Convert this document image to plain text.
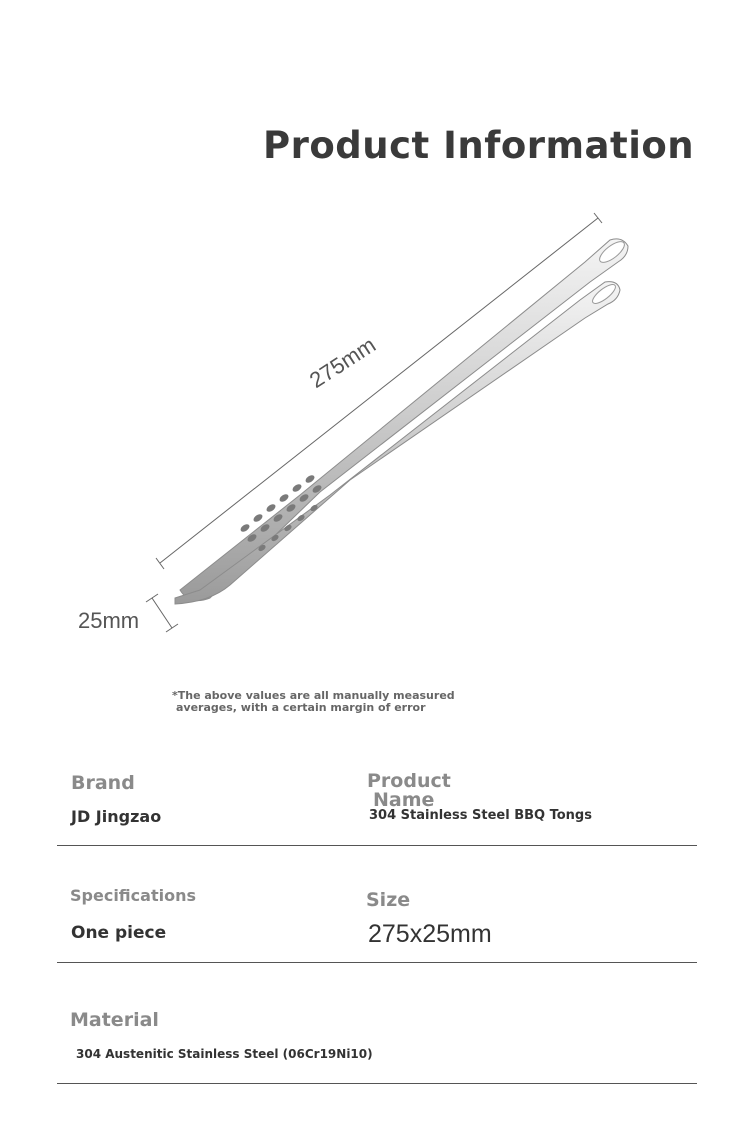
Product Information
275mm
25mm
*The above values are all manually measured
averages, with a certain margin of error
Brand
JD Jingzao
Product
Name
304 Stainless Steel BBQ Tongs
Specifications
One piece
Size
275x25mm
Material
304 Austenitic Stainless Steel (06Cr19Ni10)
